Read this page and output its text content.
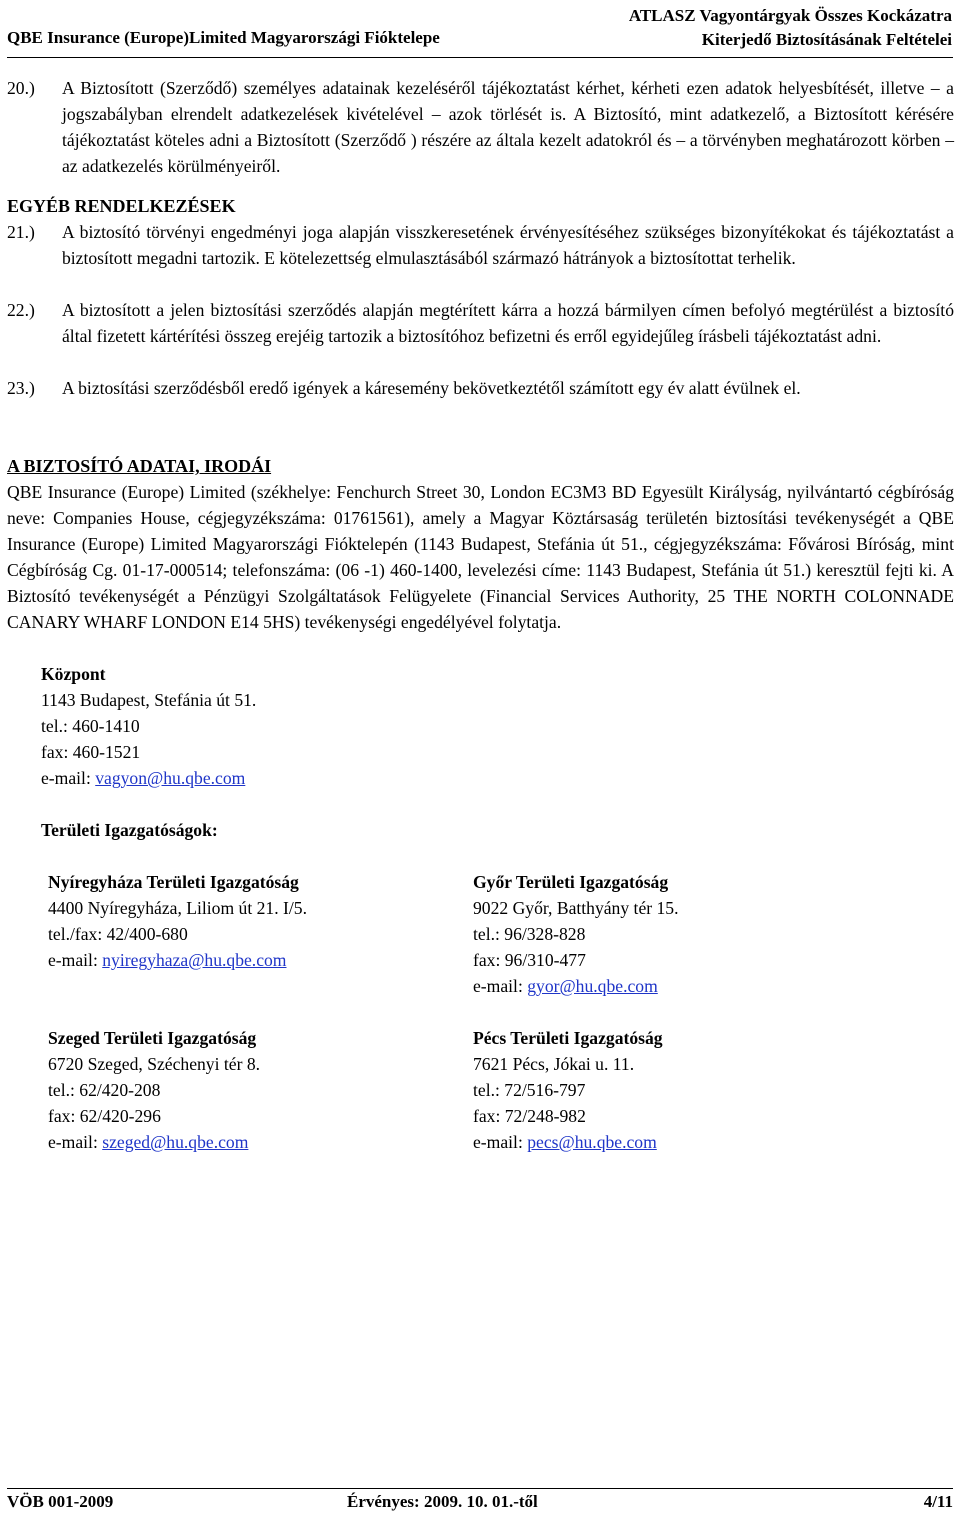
QBE Insurance (Europe)Limited Magyarországi Fióktelepe
ATLASZ Vagyontárgyak Összes Kockázatra
Kiterjedő Biztosításának Feltételei
20.)	A Biztosított (Szerződő) személyes adatainak kezeléséről tájékoztatást kérhet, kérheti ezen adatok helyesbítését, illetve – a jogszabályban elrendelt adatkezelések kivételével – azok törlését is. A Biztosító, mint adatkezelő, a Biztosított kérésére tájékoztatást köteles adni a Biztosított (Szerződő ) részére az általa kezelt adatokról és – a törvényben meghatározott körben – az adatkezelés körülményeiről.
EGYÉB RENDELKEZÉSEK
21.)	A biztosító törvényi engedményi joga alapján visszkeresetének érvényesítéséhez szükséges bizonyítékokat és tájékoztatást a biztosított megadni tartozik. E kötelezettség elmulasztásából származó hátrányok a biztosítottat terhelik.
22.)	A biztosított a jelen biztosítási szerződés alapján megtérített kárra a hozzá bármilyen címen befolyó megtérülést a biztosító által fizetett kártérítési összeg erejéig tartozik a biztosítóhoz befizetni és erről egyidejűleg írásbeli tájékoztatást adni.
23.)	A biztosítási szerződésből eredő igények a káresemény bekövetkeztétől számított egy év alatt évülnek el.
A BIZTOSÍTÓ ADATAI, IRODÁI
QBE Insurance (Europe) Limited (székhelye: Fenchurch Street 30, London EC3M3 BD Egyesült Királyság, nyilvántartó cégbíróság neve: Companies House, cégjegyzékszáma: 01761561), amely a Magyar Köztársaság területén biztosítási tevékenységét a QBE Insurance (Europe) Limited Magyarországi Fióktelepén (1143 Budapest, Stefánia út 51., cégjegyzékszáma: Fővárosi Bíróság, mint Cégbíróság Cg. 01-17-000514; telefonszáma: (06 -1) 460-1400, levelezési címe: 1143 Budapest, Stefánia út 51.) keresztül fejti ki. A Biztosító tevékenységét a Pénzügyi Szolgáltatások Felügyelete (Financial Services Authority, 25 THE NORTH COLONNADE CANARY WHARF LONDON E14 5HS) tevékenységi engedélyével folytatja.
Központ
1143 Budapest, Stefánia út 51.
tel.: 460-1410
fax: 460-1521
e-mail: vagyon@hu.qbe.com
Területi Igazgatóságok:
Nyíregyháza Területi Igazgatóság
4400 Nyíregyháza, Liliom út 21. I/5.
tel./fax: 42/400-680
e-mail: nyiregyhaza@hu.qbe.com
Győr Területi Igazgatóság
9022 Győr, Batthyány tér 15.
tel.: 96/328-828
fax: 96/310-477
e-mail: gyor@hu.qbe.com
Szeged Területi Igazgatóság
6720 Szeged, Széchenyi tér 8.
tel.: 62/420-208
fax: 62/420-296
e-mail: szeged@hu.qbe.com
Pécs Területi Igazgatóság
7621 Pécs, Jókai u. 11.
tel.: 72/516-797
fax: 72/248-982
e-mail: pecs@hu.qbe.com
VÖB 001-2009	Érvényes: 2009. 10. 01.-től	4/11
